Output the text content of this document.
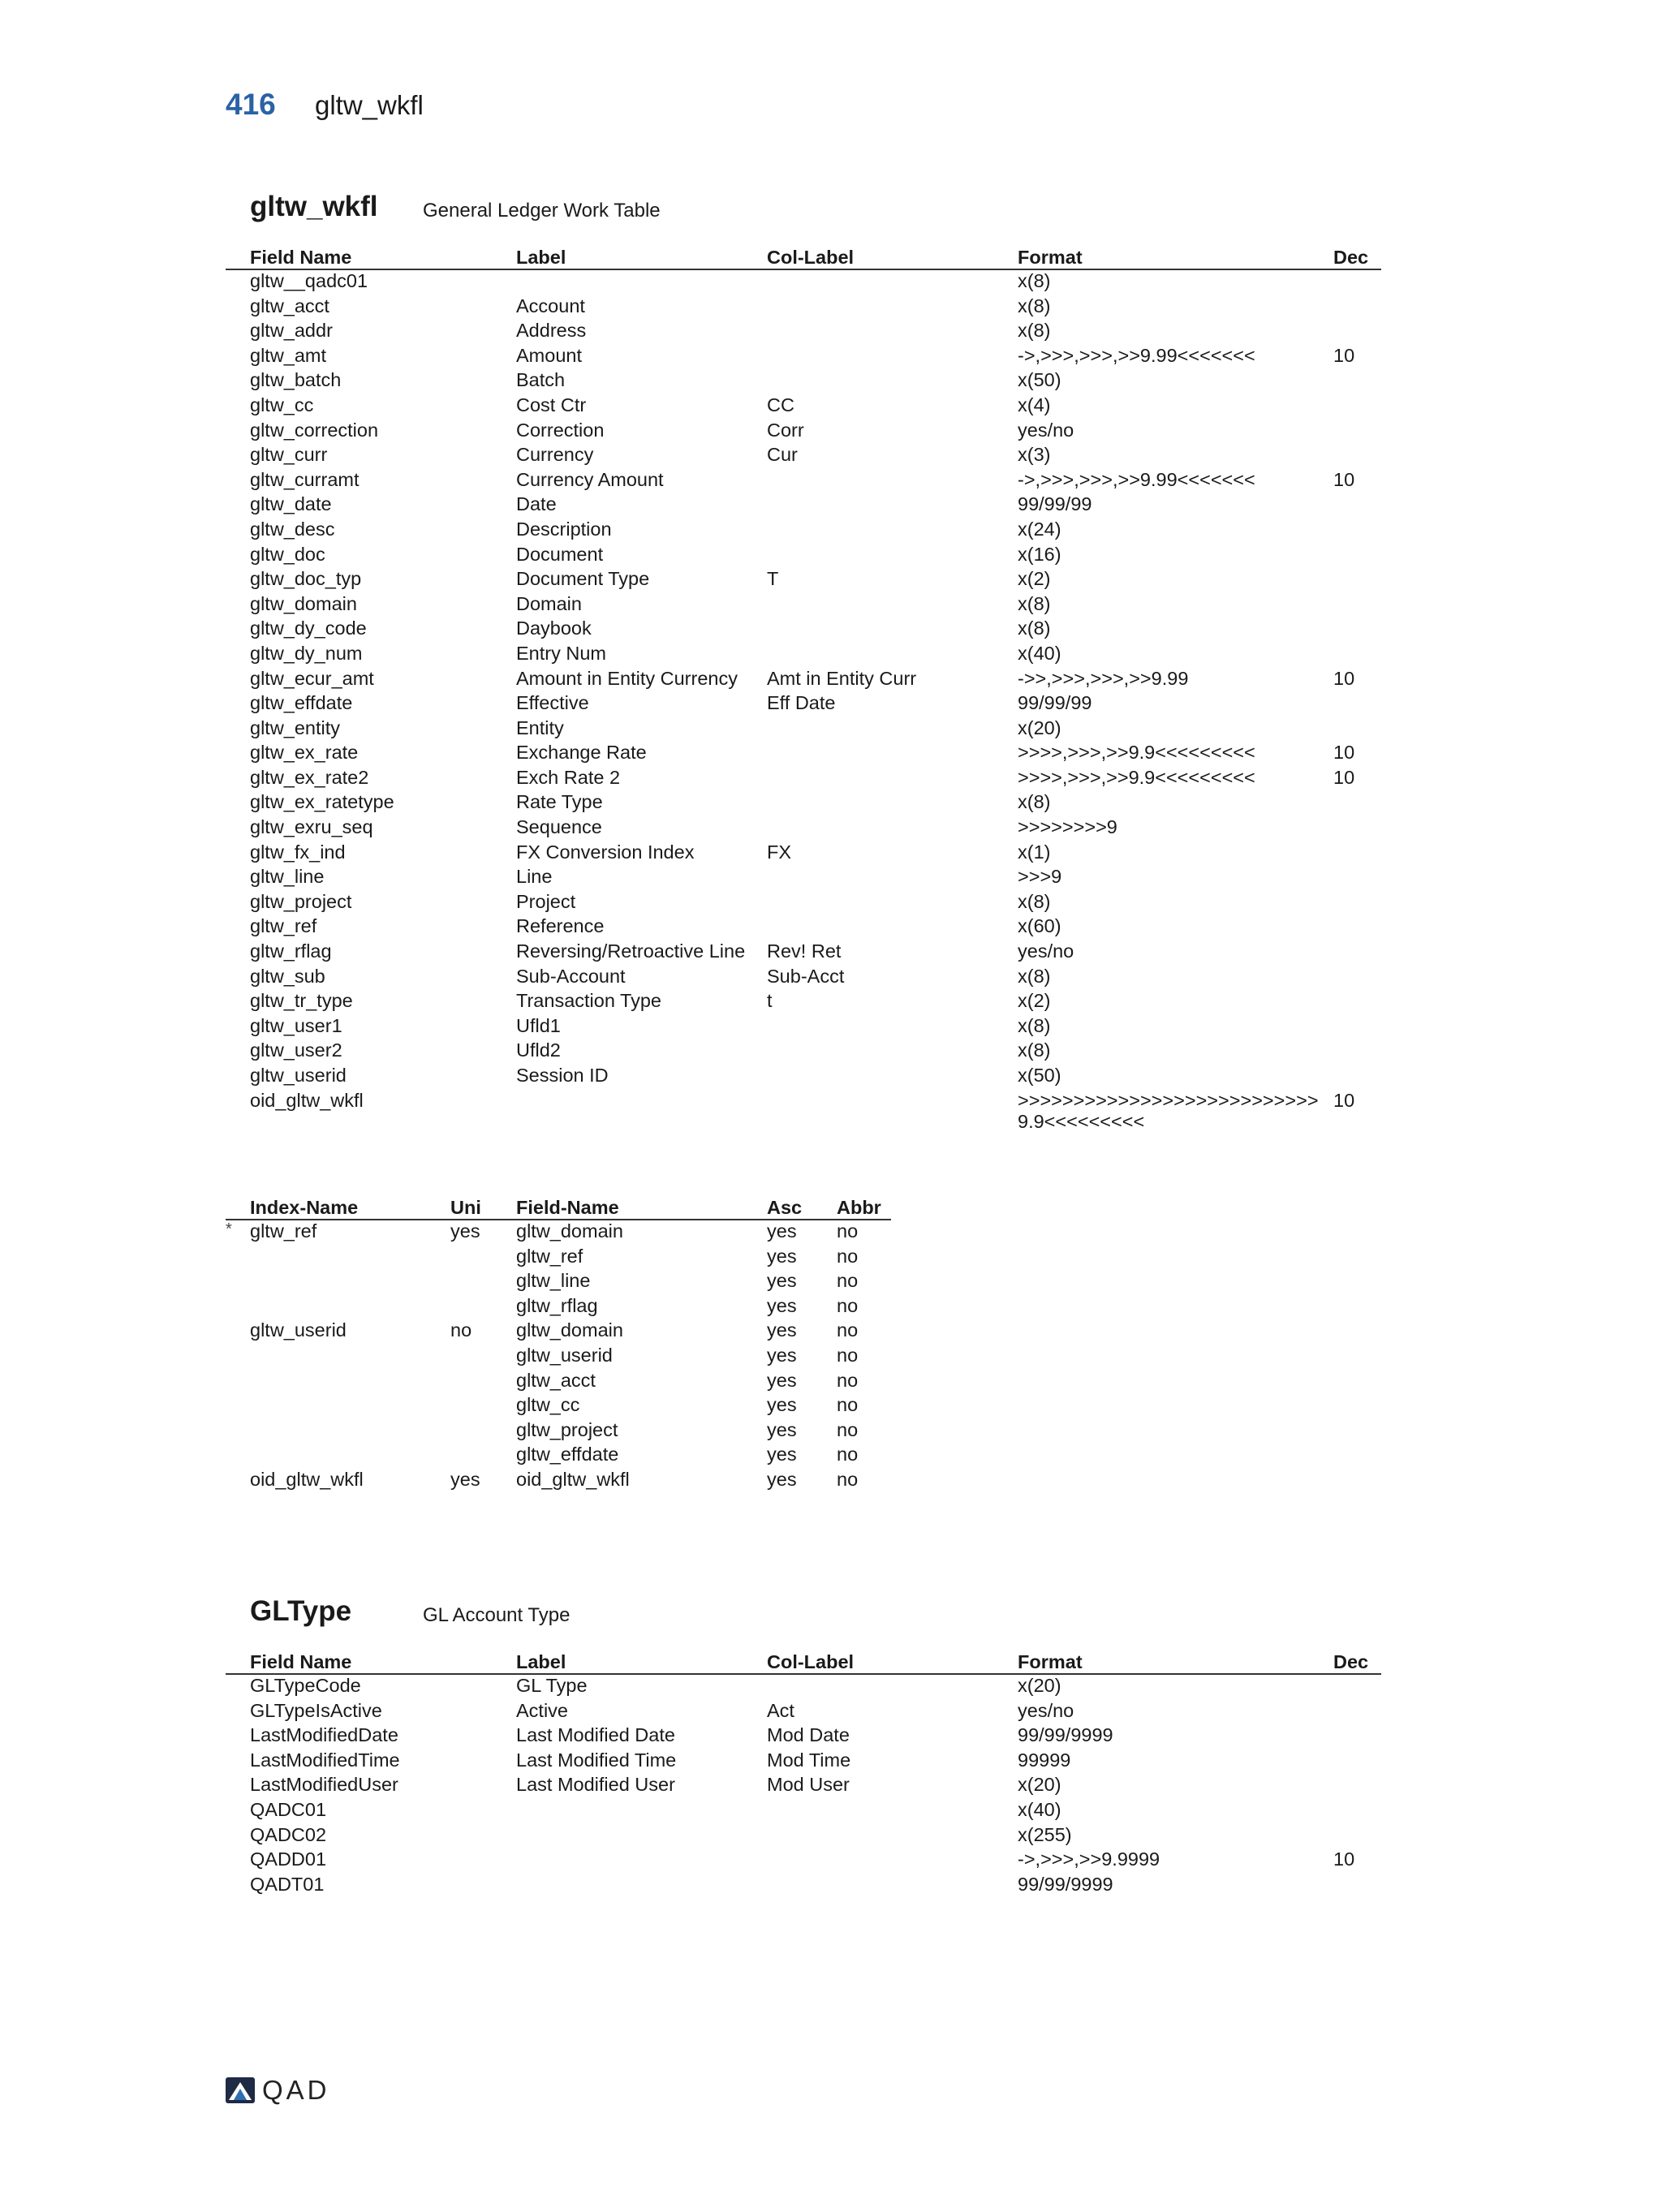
416 gltw_wkfl
gltw_wkfl General Ledger Work Table
	Field Name	Label	Col-Label	Format	Dec
	gltw__qadc01			x(8)	
	gltw_acct	Account		x(8)	
	gltw_addr	Address		x(8)	
	gltw_amt	Amount		->,>>>,>>>,>>9.99<<<<<<<	10
	gltw_batch	Batch		x(50)	
	gltw_cc	Cost Ctr	CC	x(4)	
	gltw_correction	Correction	Corr	yes/no	
	gltw_curr	Currency	Cur	x(3)	
	gltw_curramt	Currency Amount		->,>>>,>>>,>>9.99<<<<<<<	10
	gltw_date	Date		99/99/99	
	gltw_desc	Description		x(24)	
	gltw_doc	Document		x(16)	
	gltw_doc_typ	Document Type	T	x(2)	
	gltw_domain	Domain		x(8)	
	gltw_dy_code	Daybook		x(8)	
	gltw_dy_num	Entry Num		x(40)	
	gltw_ecur_amt	Amount in Entity Currency	Amt in Entity Curr	->>,>>>,>>>,>>9.99	10
	gltw_effdate	Effective	Eff Date	99/99/99	
	gltw_entity	Entity		x(20)	
	gltw_ex_rate	Exchange Rate		>>>>,>>>,>>9.9<<<<<<<<<	10
	gltw_ex_rate2	Exch Rate 2		>>>>,>>>,>>9.9<<<<<<<<<	10
	gltw_ex_ratetype	Rate Type		x(8)	
	gltw_exru_seq	Sequence		>>>>>>>>9	
	gltw_fx_ind	FX Conversion Index	FX	x(1)	
	gltw_line	Line		>>>9	
	gltw_project	Project		x(8)	
	gltw_ref	Reference		x(60)	
	gltw_rflag	Reversing/Retroactive Line	Rev! Ret	yes/no	
	gltw_sub	Sub-Account	Sub-Acct	x(8)	
	gltw_tr_type	Transaction Type	t	x(2)	
	gltw_user1	Ufld1		x(8)	
	gltw_user2	Ufld2		x(8)	
	gltw_userid	Session ID		x(50)	
	oid_gltw_wkfl			>>>>>>>>>>>>>>>>>>>>>>>>>>>9.9<<<<<<<<<	10
	Index-Name	Uni	Field-Name	Asc	Abbr
*	gltw_ref	yes	gltw_domain	yes	no
			gltw_ref	yes	no
			gltw_line	yes	no
			gltw_rflag	yes	no
	gltw_userid	no	gltw_domain	yes	no
			gltw_userid	yes	no
			gltw_acct	yes	no
			gltw_cc	yes	no
			gltw_project	yes	no
			gltw_effdate	yes	no
	oid_gltw_wkfl	yes	oid_gltw_wkfl	yes	no
GLType	GL Account Type
	Field Name	Label	Col-Label	Format	Dec
	GLTypeCode	GL Type		x(20)	
	GLTypeIsActive	Active	Act	yes/no	
	LastModifiedDate	Last Modified Date	Mod Date	99/99/9999	
	LastModifiedTime	Last Modified Time	Mod Time	99999	
	LastModifiedUser	Last Modified User	Mod User	x(20)	
	QADC01			x(40)	
	QADC02			x(255)	
	QADD01			->,>>>,>>9.9999	10
	QADT01			99/99/9999	
QAD
